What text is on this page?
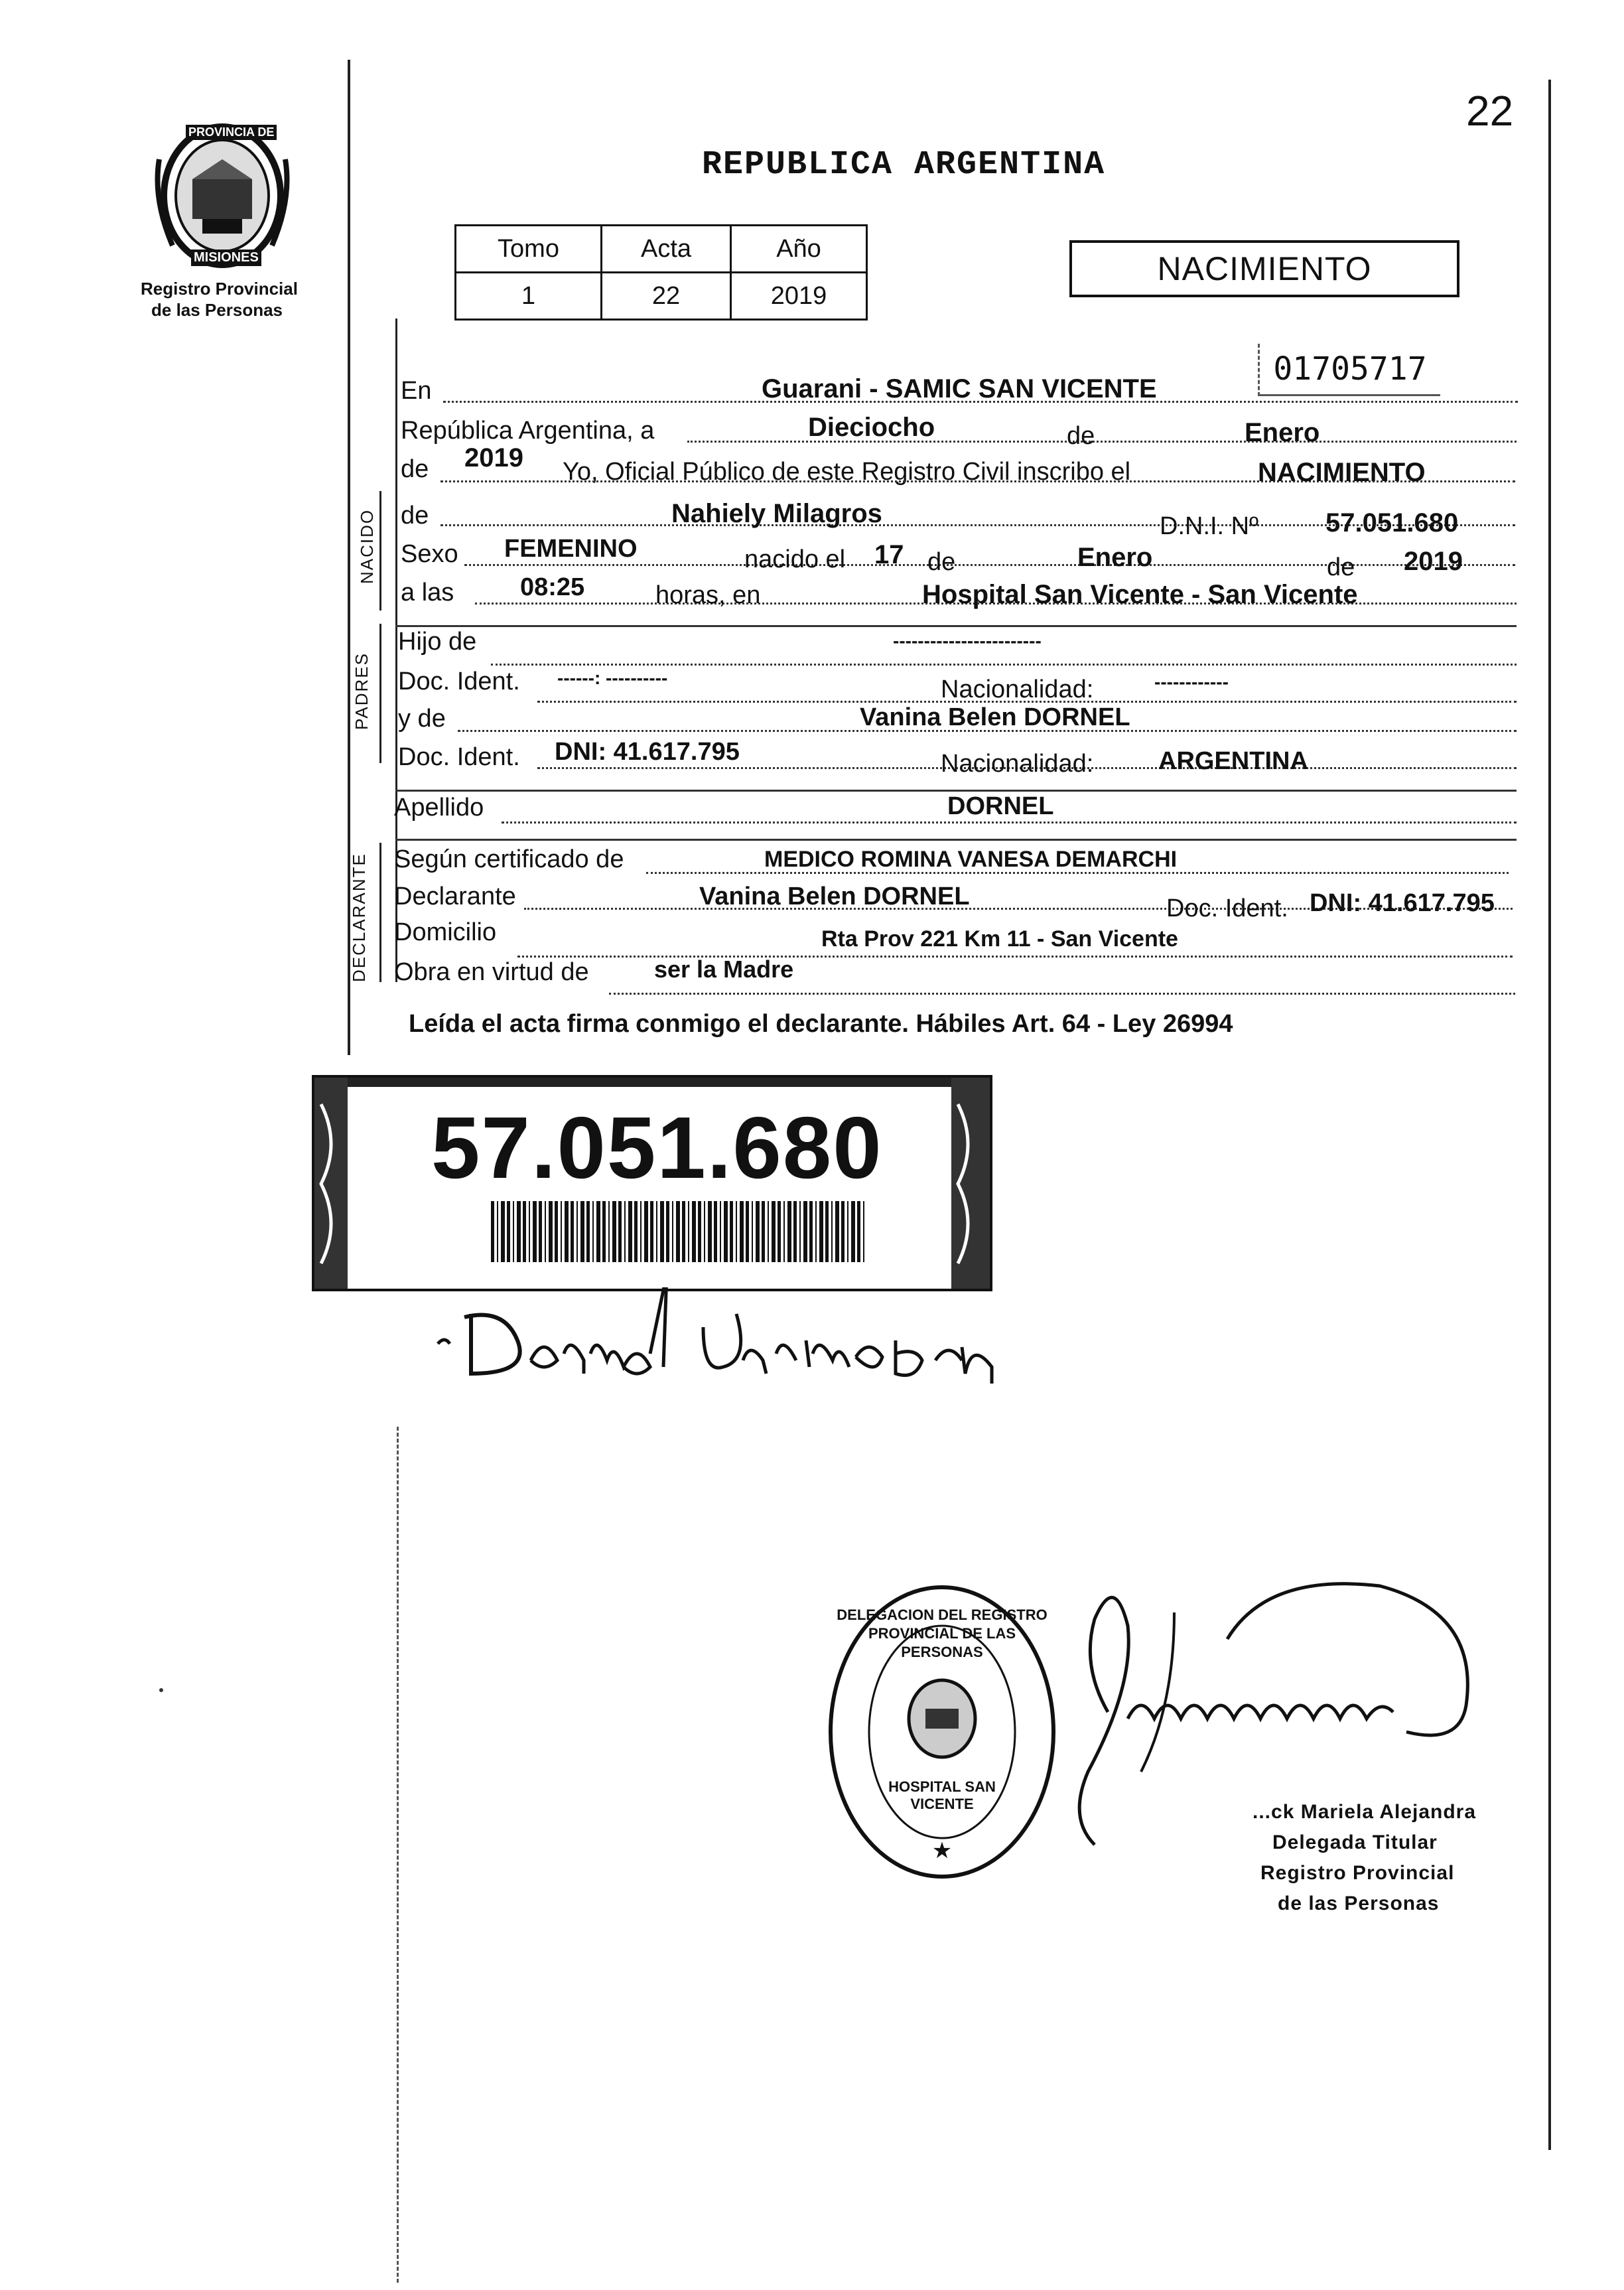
22
PROVINCIA DE
MISIONES
Registro Provincial
de las Personas
REPUBLICA ARGENTINA
Tomo	Acta	Año
1	22	2019
NACIMIENTO
01705717
NACIDO
PADRES
DECLARANTE
En	Guarani - SAMIC SAN VICENTE
República Argentina, a	Dieciocho	de	Enero
de 2019 Yo, Oficial Público de este Registro Civil inscribo el	NACIMIENTO
de	Nahiely Milagros	D.N.I. Nº	57.051.680
Sexo FEMENINO	nacido el 17 de	Enero	de 2019
a las	08:25	horas, en	Hospital San Vicente - San Vicente
Hijo de	------------------------
Doc. Ident. ------: ----------	Nacionalidad:	------------
y de	Vanina Belen DORNEL
Doc. Ident. DNI: 41.617.795	Nacionalidad:	ARGENTINA
Apellido	DORNEL
Según certificado de	MEDICO ROMINA VANESA DEMARCHI
Declarante	Vanina Belen DORNEL	Doc. Ident. DNI: 41.617.795
Domicilio	Rta Prov 221 Km 11 - San Vicente
Obra en virtud de	ser la Madre
Leída el acta firma conmigo el declarante. Hábiles Art. 64 - Ley 26994
57.051.680
★
DELEGACION DEL REGISTRO PROVINCIAL DE LAS PERSONAS
HOSPITAL SAN VICENTE	...ck Mariela Alejandra
Delegada Titular
Registro Provincial
de las Personas
